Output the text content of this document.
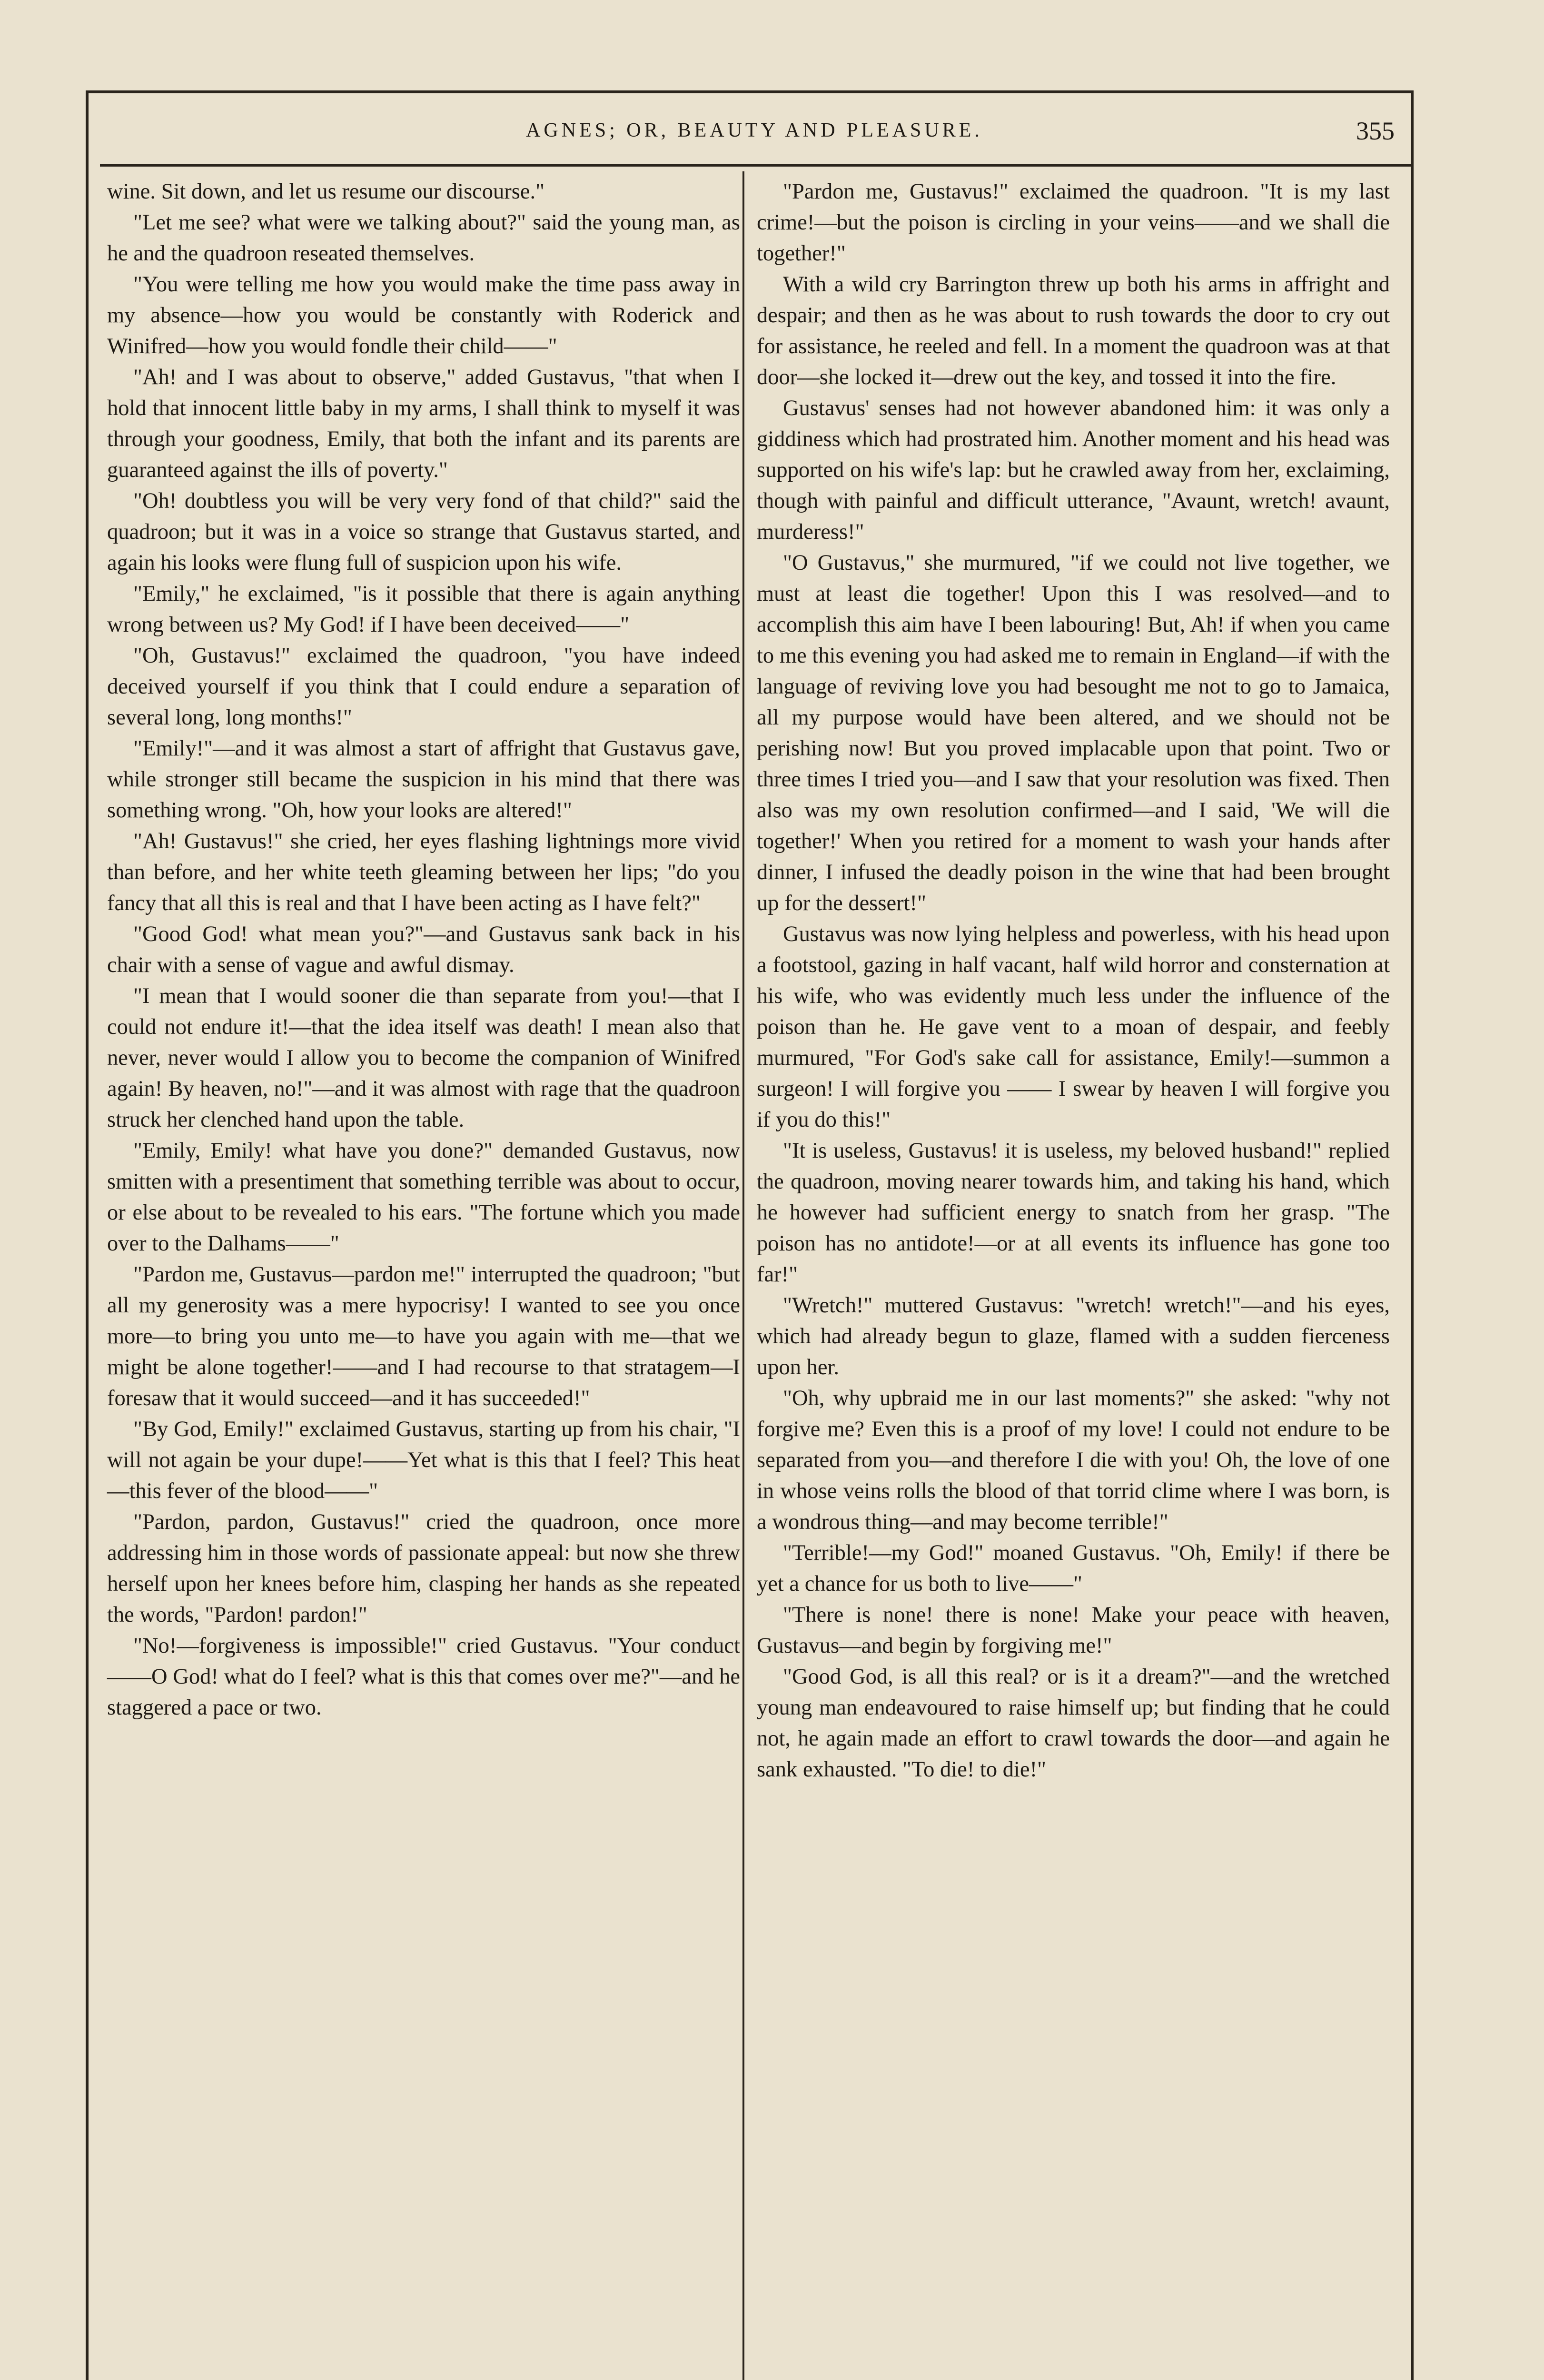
AGNES; OR, BEAUTY AND PLEASURE.	355

wine. Sit down, and let us resume our discourse."

"Let me see? what were we talking about?" said the young man, as he and the quadroon reseated themselves.

"You were telling me how you would make the time pass away in my absence—how you would be constantly with Roderick and Winifred—how you would fondle their child——"

"Ah! and I was about to observe," added Gustavus, "that when I hold that innocent little baby in my arms, I shall think to myself it was through your goodness, Emily, that both the infant and its parents are guaranteed against the ills of poverty."

"Oh! doubtless you will be very very fond of that child?" said the quadroon; but it was in a voice so strange that Gustavus started, and again his looks were flung full of suspicion upon his wife.

"Emily," he exclaimed, "is it possible that there is again anything wrong between us? My God! if I have been deceived——"

"Oh, Gustavus!" exclaimed the quadroon, "you have indeed deceived yourself if you think that I could endure a separation of several long, long months!"

"Emily!"—and it was almost a start of affright that Gustavus gave, while stronger still became the suspicion in his mind that there was something wrong. "Oh, how your looks are altered!"

"Ah! Gustavus!" she cried, her eyes flashing lightnings more vivid than before, and her white teeth gleaming between her lips; "do you fancy that all this is real and that I have been acting as I have felt?"

"Good God! what mean you?"—and Gustavus sank back in his chair with a sense of vague and awful dismay.

"I mean that I would sooner die than separate from you!—that I could not endure it!—that the idea itself was death! I mean also that never, never would I allow you to become the companion of Winifred again! By heaven, no!"—and it was almost with rage that the quadroon struck her clenched hand upon the table.

"Emily, Emily! what have you done?" demanded Gustavus, now smitten with a presentiment that something terrible was about to occur, or else about to be revealed to his ears. "The fortune which you made over to the Dalhams——"

"Pardon me, Gustavus—pardon me!" interrupted the quadroon; "but all my generosity was a mere hypocrisy! I wanted to see you once more—to bring you unto me—to have you again with me—that we might be alone together!——and I had recourse to that stratagem—I foresaw that it would succeed—and it has succeeded!"

"By God, Emily!" exclaimed Gustavus, starting up from his chair, "I will not again be your dupe!——Yet what is this that I feel? This heat—this fever of the blood——"

"Pardon, pardon, Gustavus!" cried the quadroon, once more addressing him in those words of passionate appeal: but now she threw herself upon her knees before him, clasping her hands as she repeated the words, "Pardon! pardon!"

"No!—forgiveness is impossible!" cried Gustavus. "Your conduct——O God! what do I feel? what is this that comes over me?"—and he staggered a pace or two.

"Pardon me, Gustavus!" exclaimed the quadroon. "It is my last crime!—but the poison is circling in your veins——and we shall die together!"

With a wild cry Barrington threw up both his arms in affright and despair; and then as he was about to rush towards the door to cry out for assistance, he reeled and fell. In a moment the quadroon was at that door—she locked it—drew out the key, and tossed it into the fire.

Gustavus' senses had not however abandoned him: it was only a giddiness which had prostrated him. Another moment and his head was supported on his wife's lap: but he crawled away from her, exclaiming, though with painful and difficult utterance, "Avaunt, wretch! avaunt, murderess!"

"O Gustavus," she murmured, "if we could not live together, we must at least die together! Upon this I was resolved—and to accomplish this aim have I been labouring! But, Ah! if when you came to me this evening you had asked me to remain in England—if with the language of reviving love you had besought me not to go to Jamaica, all my purpose would have been altered, and we should not be perishing now! But you proved implacable upon that point. Two or three times I tried you—and I saw that your resolution was fixed. Then also was my own resolution confirmed—and I said, 'We will die together!' When you retired for a moment to wash your hands after dinner, I infused the deadly poison in the wine that had been brought up for the dessert!"

Gustavus was now lying helpless and powerless, with his head upon a footstool, gazing in half vacant, half wild horror and consternation at his wife, who was evidently much less under the influence of the poison than he. He gave vent to a moan of despair, and feebly murmured, "For God's sake call for assistance, Emily!—summon a surgeon! I will forgive you —— I swear by heaven I will forgive you if you do this!"

"It is useless, Gustavus! it is useless, my beloved husband!" replied the quadroon, moving nearer towards him, and taking his hand, which he however had sufficient energy to snatch from her grasp. "The poison has no antidote!—or at all events its influence has gone too far!"

"Wretch!" muttered Gustavus: "wretch! wretch!"—and his eyes, which had already begun to glaze, flamed with a sudden fierceness upon her.

"Oh, why upbraid me in our last moments?" she asked: "why not forgive me? Even this is a proof of my love! I could not endure to be separated from you—and therefore I die with you! Oh, the love of one in whose veins rolls the blood of that torrid clime where I was born, is a wondrous thing—and may become terrible!"

"Terrible!—my God!" moaned Gustavus. "Oh, Emily! if there be yet a chance for us both to live——"

"There is none! there is none! Make your peace with heaven, Gustavus—and begin by forgiving me!"

"Good God, is all this real? or is it a dream?"—and the wretched young man endeavoured to raise himself up; but finding that he could not, he again made an effort to crawl towards the door—and again he sank exhausted. "To die! to die!"
